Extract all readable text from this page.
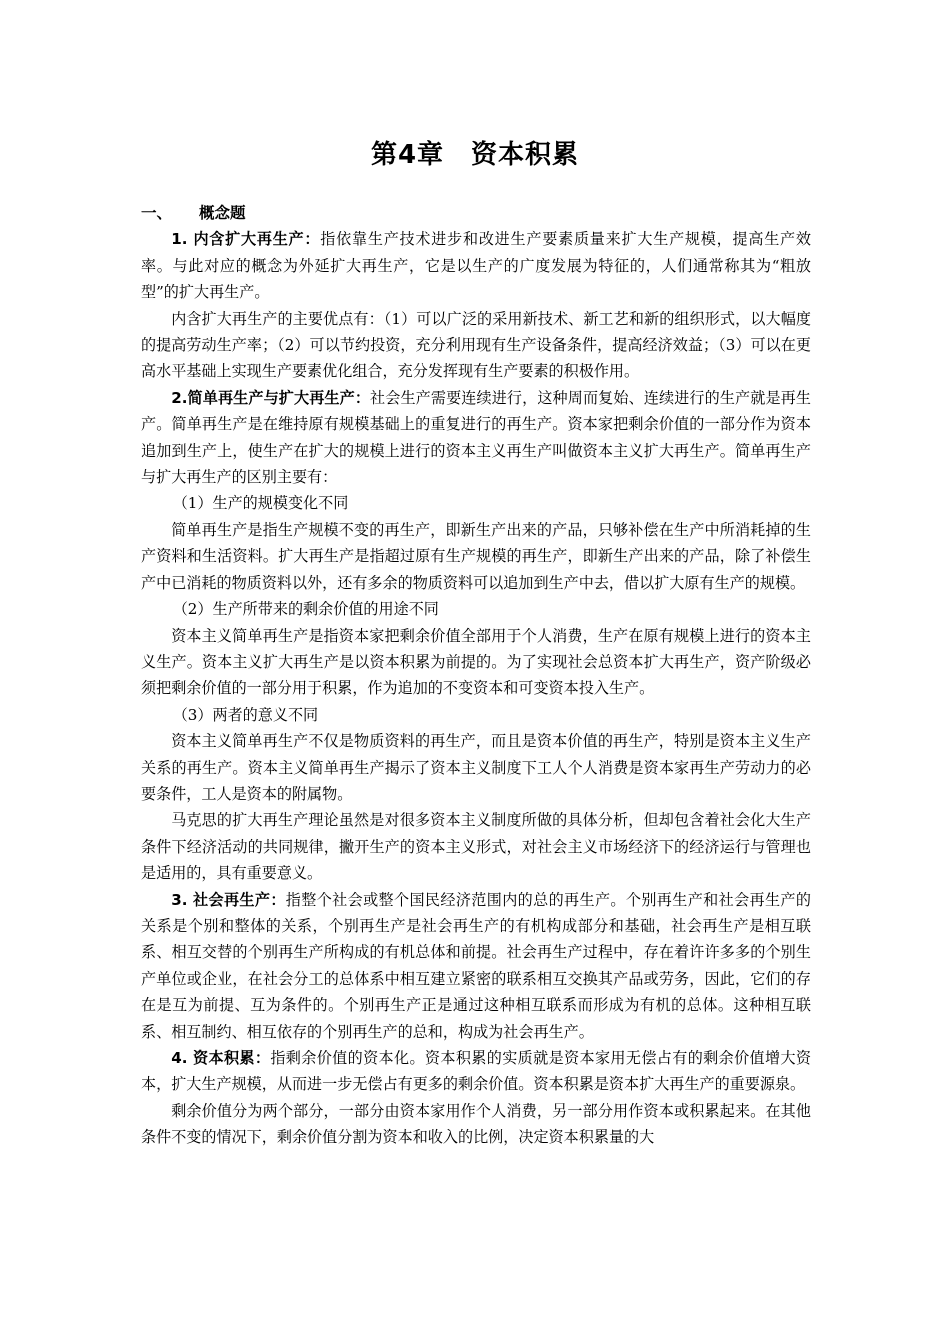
第4章　资本积累
一、 概念题

1. 内含扩大再生产：指依靠生产技术进步和改进生产要素质量来扩大生产规模，提高生产效率。与此对应的概念为外延扩大再生产，它是以生产的广度发展为特征的，人们通常称其为“粗放型”的扩大再生产。

内含扩大再生产的主要优点有：（1）可以广泛的采用新技术、新工艺和新的组织形式，以大幅度的提高劳动生产率；（2）可以节约投资，充分利用现有生产设备条件，提高经济效益；（3）可以在更高水平基础上实现生产要素优化组合，充分发挥现有生产要素的积极作用。

2.简单再生产与扩大再生产：社会生产需要连续进行，这种周而复始、连续进行的生产就是再生产。简单再生产是在维持原有规模基础上的重复进行的再生产。资本家把剩余价值的一部分作为资本追加到生产上，使生产在扩大的规模上进行的资本主义再生产叫做资本主义扩大再生产。简单再生产与扩大再生产的区别主要有：

（1）生产的规模变化不同

简单再生产是指生产规模不变的再生产，即新生产出来的产品，只够补偿在生产中所消耗掉的生产资料和生活资料。扩大再生产是指超过原有生产规模的再生产，即新生产出来的产品，除了补偿生产中已消耗的物质资料以外，还有多余的物质资料可以追加到生产中去，借以扩大原有生产的规模。

（2）生产所带来的剩余价值的用途不同

资本主义简单再生产是指资本家把剩余价值全部用于个人消费，生产在原有规模上进行的资本主义生产。资本主义扩大再生产是以资本积累为前提的。为了实现社会总资本扩大再生产，资产阶级必须把剩余价值的一部分用于积累，作为追加的不变资本和可变资本投入生产。

（3）两者的意义不同

资本主义简单再生产不仅是物质资料的再生产，而且是资本价值的再生产，特别是资本主义生产关系的再生产。资本主义简单再生产揭示了资本主义制度下工人个人消费是资本家再生产劳动力的必要条件，工人是资本的附属物。

马克思的扩大再生产理论虽然是对很多资本主义制度所做的具体分析，但却包含着社会化大生产条件下经济活动的共同规律，撇开生产的资本主义形式，对社会主义市场经济下的经济运行与管理也是适用的，具有重要意义。

3. 社会再生产：指整个社会或整个国民经济范围内的总的再生产。个别再生产和社会再生产的关系是个别和整体的关系，个别再生产是社会再生产的有机构成部分和基础，社会再生产是相互联系、相互交替的个别再生产所构成的有机总体和前提。社会再生产过程中，存在着许许多多的个别生产单位或企业，在社会分工的总体系中相互建立紧密的联系相互交换其产品或劳务，因此，它们的存在是互为前提、互为条件的。个别再生产正是通过这种相互联系而形成为有机的总体。这种相互联系、相互制约、相互依存的个别再生产的总和，构成为社会再生产。

4. 资本积累：指剩余价值的资本化。资本积累的实质就是资本家用无偿占有的剩余价值增大资本，扩大生产规模，从而进一步无偿占有更多的剩余价值。资本积累是资本扩大再生产的重要源泉。

剩余价值分为两个部分，一部分由资本家用作个人消费，另一部分用作资本或积累起来。在其他条件不变的情况下，剩余价值分割为资本和收入的比例，决定资本积累量的大
